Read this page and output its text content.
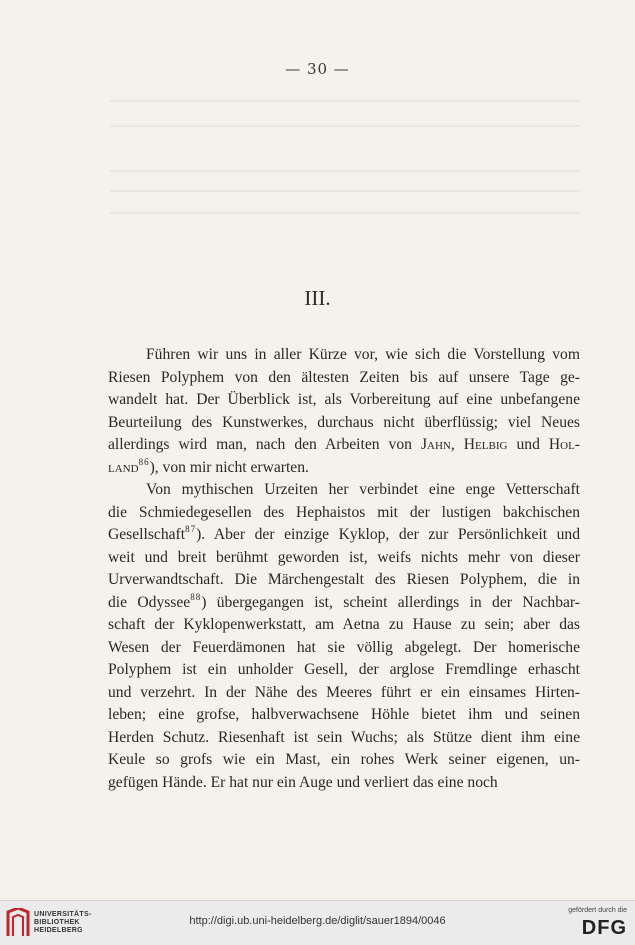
— 30 —
III.
Führen wir uns in aller Kürze vor, wie sich die Vorstellung vom
Riesen Polyphem von den ältesten Zeiten bis auf unsere Tage ge-
wandelt hat. Der Überblick ist, als Vorbereitung auf eine unbefangene
Beurteilung des Kunstwerkes, durchaus nicht überflüssig; viel Neues
allerdings wird man, nach den Arbeiten von Jahn, Helbig und Hol-
land$^{86}$), von mir nicht erwarten.
Von mythischen Urzeiten her verbindet eine enge Vetterschaft
die Schmiedegesellen des Hephaistos mit der lustigen bakchischen
Gesellschaft$^{87}$). Aber der einzige Kyklop, der zur Persönlichkeit und
weit und breit berühmt geworden ist, weifs nichts mehr von dieser
Urverwandtschaft. Die Märchengestalt des Riesen Polyphem, die in
die Odyssee$^{88}$) übergegangen ist, scheint allerdings in der Nachbar-
schaft der Kyklopenwerkstatt, am Aetna zu Hause zu sein; aber das
Wesen der Feuerdämonen hat sie völlig abgelegt. Der homerische
Polyphem ist ein unholder Gesell, der arglose Fremdlinge erhascht
und verzehrt. In der Nähe des Meeres führt er ein einsames Hirten-
leben; eine grofse, halbverwachsene Höhle bietet ihm und seinen
Herden Schutz. Riesenhaft ist sein Wuchs; als Stütze dient ihm eine
Keule so grofs wie ein Mast, ein rohes Werk seiner eigenen, un-
gefügen Hände. Er hat nur ein Auge und verliert das eine noch
UNIVERSITÄTS-
BIBLIOTHEK
HEIDELBERG
http://digi.ub.uni-heidelberg.de/diglit/sauer1894/0046
gefördert durch die
DFG
